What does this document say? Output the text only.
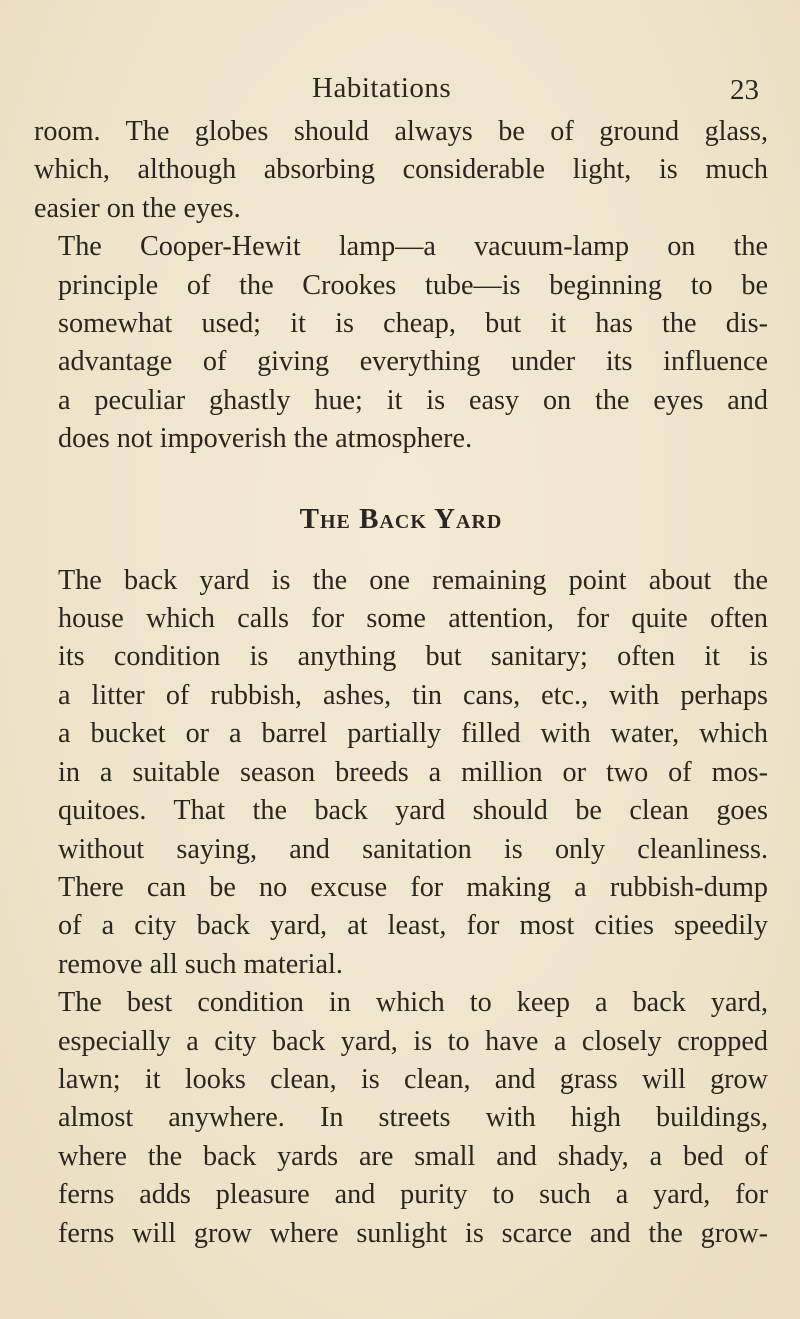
Habitations	23

room. The globes should always be of ground glass,
which, although absorbing considerable light, is much
easier on the eyes.

The Cooper-Hewit lamp—a vacuum-lamp on the
principle of the Crookes tube—is beginning to be
somewhat used; it is cheap, but it has the dis-
advantage of giving everything under its influence
a peculiar ghastly hue; it is easy on the eyes and
does not impoverish the atmosphere.

The Back Yard

The back yard is the one remaining point about the
house which calls for some attention, for quite often
its condition is anything but sanitary; often it is
a litter of rubbish, ashes, tin cans, etc., with perhaps
a bucket or a barrel partially filled with water, which
in a suitable season breeds a million or two of mos-
quitoes. That the back yard should be clean goes
without saying, and sanitation is only cleanliness.
There can be no excuse for making a rubbish-dump
of a city back yard, at least, for most cities speedily
remove all such material.

The best condition in which to keep a back yard,
especially a city back yard, is to have a closely cropped
lawn; it looks clean, is clean, and grass will grow
almost anywhere. In streets with high buildings,
where the back yards are small and shady, a bed of
ferns adds pleasure and purity to such a yard, for
ferns will grow where sunlight is scarce and the grow-
